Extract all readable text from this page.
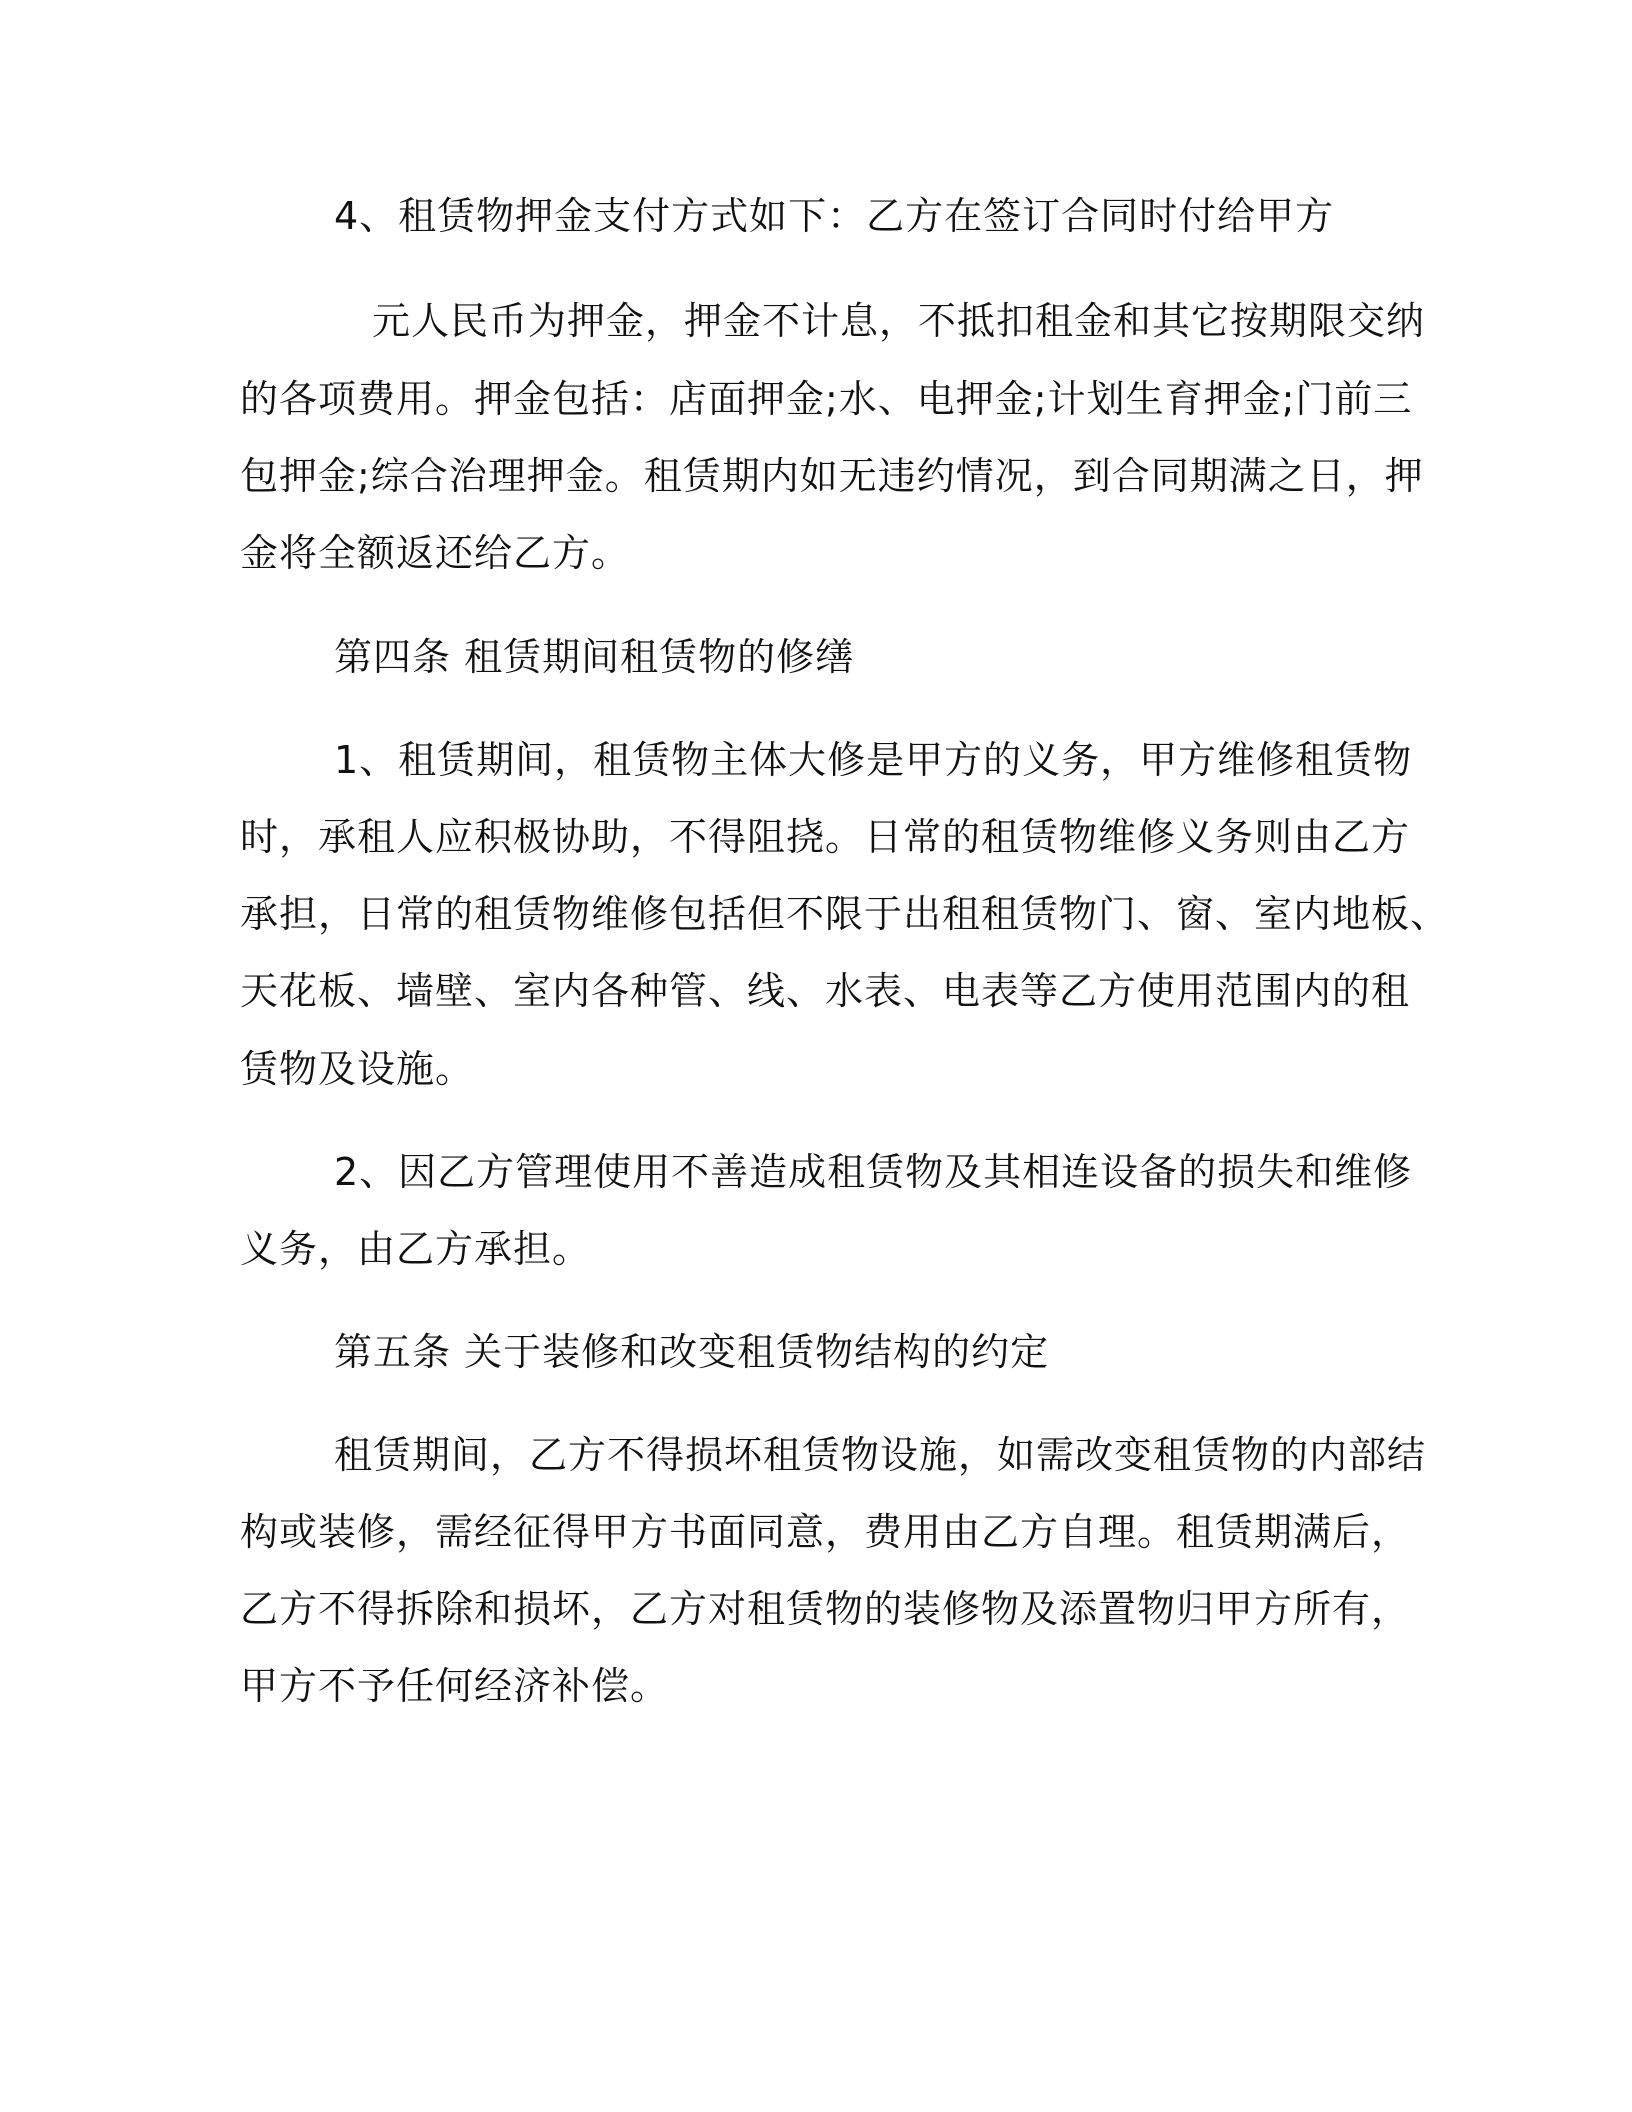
4、租赁物押金支付方式如下：乙方在签订合同时付给甲方
元人民币为押金，押金不计息，不抵扣租金和其它按期限交纳
的各项费用。押金包括：店面押金;水、电押金;计划生育押金;门前三
包押金;综合治理押金。租赁期内如无违约情况，到合同期满之日，押
金将全额返还给乙方。
第四条 租赁期间租赁物的修缮
1、租赁期间，租赁物主体大修是甲方的义务，甲方维修租赁物
时，承租人应积极协助，不得阻挠。日常的租赁物维修义务则由乙方
承担，日常的租赁物维修包括但不限于出租租赁物门、窗、室内地板、
天花板、墙壁、室内各种管、线、水表、电表等乙方使用范围内的租
赁物及设施。
2、因乙方管理使用不善造成租赁物及其相连设备的损失和维修
义务，由乙方承担。
第五条 关于装修和改变租赁物结构的约定
租赁期间，乙方不得损坏租赁物设施，如需改变租赁物的内部结
构或装修，需经征得甲方书面同意，费用由乙方自理。租赁期满后，
乙方不得拆除和损坏，乙方对租赁物的装修物及添置物归甲方所有，
甲方不予任何经济补偿。
